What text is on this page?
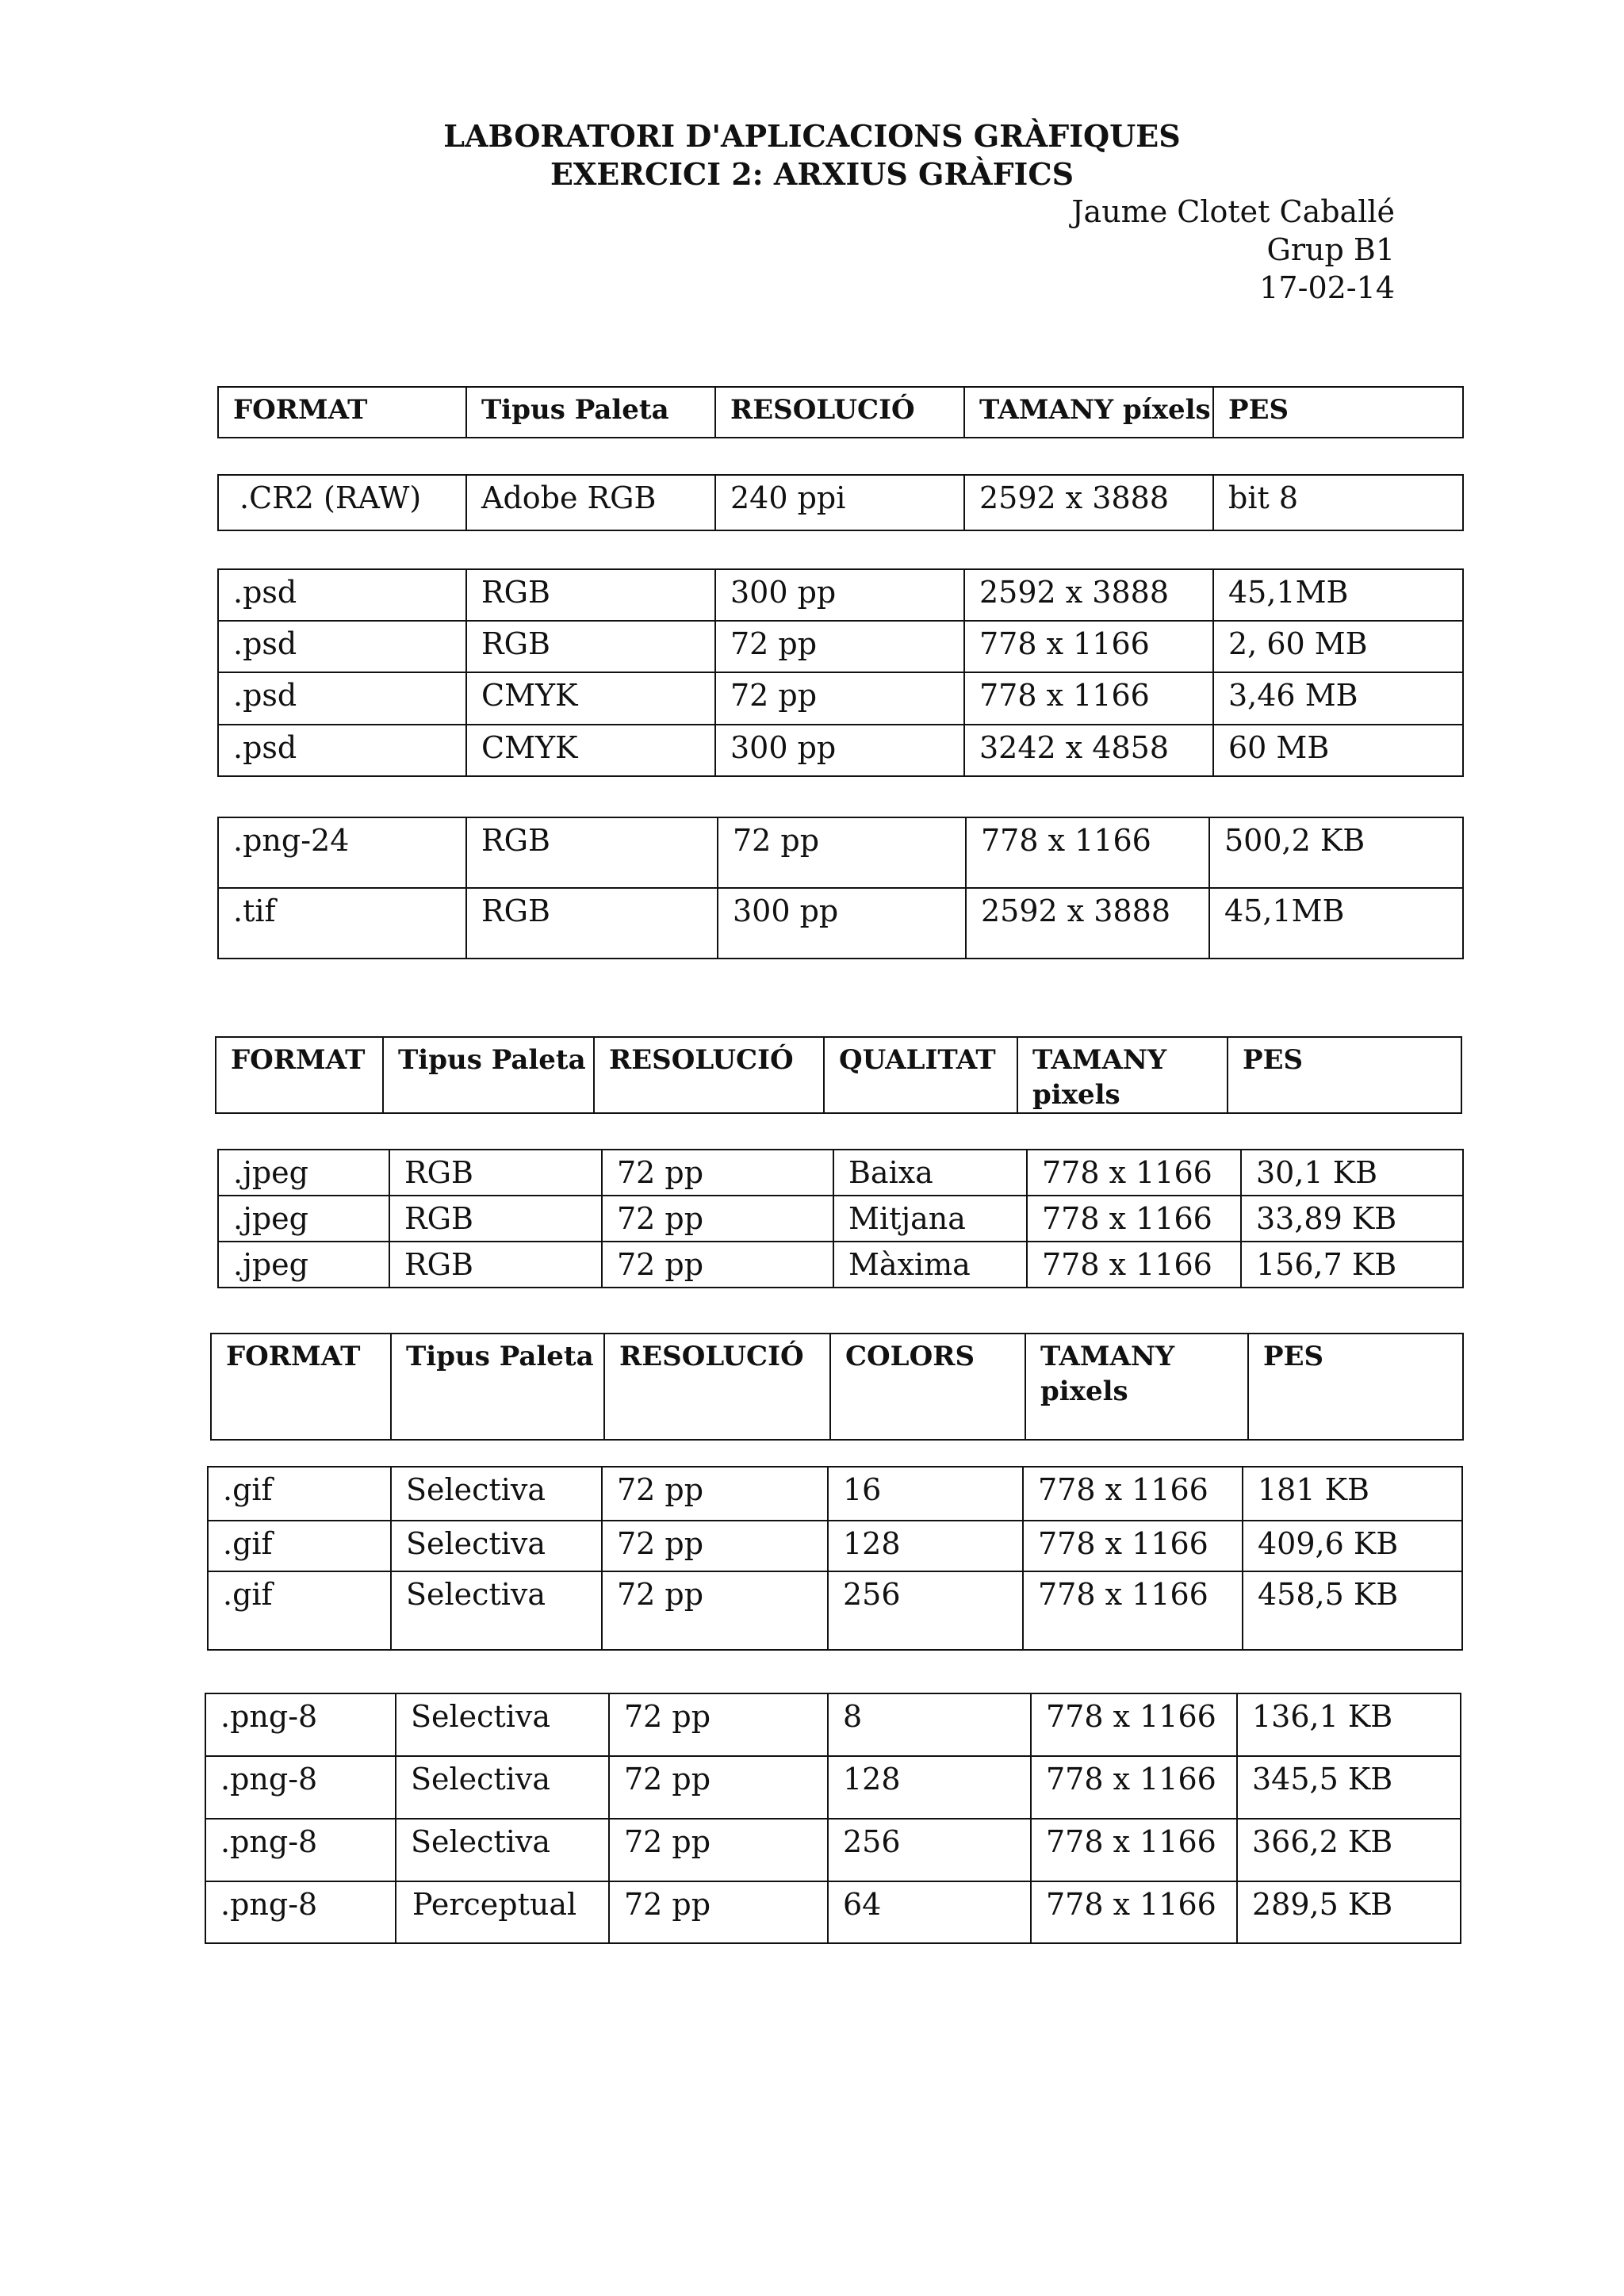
LABORATORI D'APLICACIONS GRÀFIQUES
EXERCICI 2: ARXIUS GRÀFICS
Jaume Clotet Caballé
Grup B1
17-02-14
FORMAT	Tipus Paleta	RESOLUCIÓ	TAMANY píxels	PES
.CR2 (RAW)	Adobe RGB	240 ppi	2592 x 3888	bit 8
.psd	RGB	300 pp	2592 x 3888	45,1MB
.psd	RGB	72 pp	778 x 1166	2, 60 MB
.psd	CMYK	72 pp	778 x 1166	3,46 MB
.psd	CMYK	300 pp	3242 x 4858	60 MB
.png-24	RGB	72 pp	778 x 1166	500,2 KB
.tif	RGB	300 pp	2592 x 3888	45,1MB
FORMAT	Tipus Paleta	RESOLUCIÓ	QUALITAT	TAMANY pixels	PES
.jpeg	RGB	72 pp	Baixa	778 x 1166	30,1 KB
.jpeg	RGB	72 pp	Mitjana	778 x 1166	33,89 KB
.jpeg	RGB	72 pp	Màxima	778 x 1166	156,7 KB
FORMAT	Tipus Paleta	RESOLUCIÓ	COLORS	TAMANY pixels	PES
.gif	Selectiva	72 pp	16	778 x 1166	181 KB
.gif	Selectiva	72 pp	128	778 x 1166	409,6 KB
.gif	Selectiva	72 pp	256	778 x 1166	458,5 KB
.png-8	Selectiva	72 pp	8	778 x 1166	136,1 KB
.png-8	Selectiva	72 pp	128	778 x 1166	345,5 KB
.png-8	Selectiva	72 pp	256	778 x 1166	366,2 KB
.png-8	Perceptual	72 pp	64	778 x 1166	289,5 KB
